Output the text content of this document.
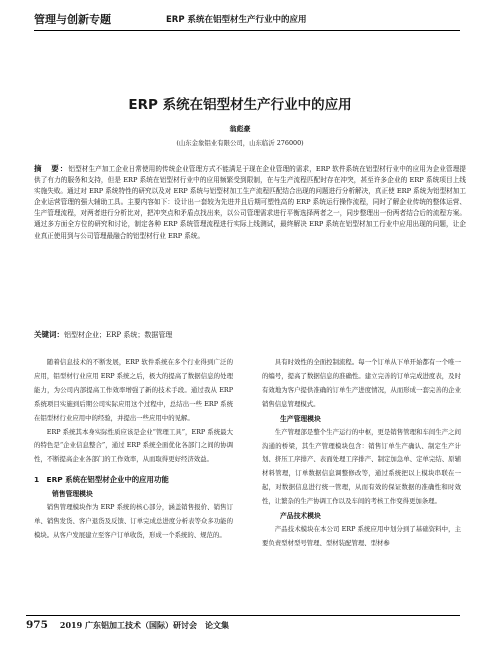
管理与创新专题	ERP 系统在铝型材生产行业中的应用
ERP 系统在铝型材生产行业中的应用
翁彪豪
(山东金象铝业有限公司，山东临沂 276000)
摘　要：铝型材生产加工企业日常使用的传统企业管理方式不能满足于现在企业管理的需求，ERP 软件系统在铝型材行业中的应用为企业管理提供了有力的服务和支持，但是 ERP 系统在铝型材行业中的应用频繁受到限制，在与生产流程匹配时存在冲突，甚至许多企业的 ERP 系统项目上线实施失败。通过对 ERP 系统特性的研究以及对 ERP 系统与铝型材加工生产流程匹配结合出现的问题进行分析解决，真正使 ERP 系统为铝型材加工企业运营管理的强大辅助工具。主要内容如下：设计出一套较为先进并且后期可塑性高的 ERP 系统运行操作流程，同时了解企业传统的整体运营、生产管理流程，对两者进行分析比对，把冲突点和矛盾点找出来，以公司管理需求进行平衡选择两者之一，同步整理出一份两者结合后的流程方案。通过多方面全方位的研究和讨论，制定各种 ERP 系统管理流程进行实际上线测试，最终解决 ERP 系统在铝型材加工行业中应用出现的问题，让企业真正使用到与公司管理最融合的铝型材行业 ERP 系统。
关键词：铝型材企业；ERP 系统；数据管理

随着信息技术的不断发展，ERP 软件系统在多个行业得到广泛的应用，铝型材行业应用 ERP 系统之后，极大的提高了数据信息的处理能力，为公司内部提高工作效率增强了新的技术手段。通过我从 ERP 系统项目实施到后期公司实际应用这个过程中，总结出一些 ERP 系统在铝型材行业应用中的经验，并提出一些应用中的见解。

ERP 系统其本身实际性质应该是企业“管理工具”，ERP 系统最大的特色是“企业信息整合”，通过 ERP 系统全面优化各部门之间的协调性，不断提高企业各部门的工作效率，从而取得更好经济效益。

1　ERP 系统在铝型材企业中的应用功能
销售管理模块

销售管理模块作为 ERP 系统的核心部分，涵盖销售报价、销售订单、销售发货、客户退货及反馈、订单完成总进度分析表等众多功能的模块。从客户发展建立至客户订单收货，形成一个系统的、规范的。

具有时效性的全面控制流程。每一个订单从下单开始都有一个唯一的编号，提高了数据信息的准确性。建立完善的订单完成进度表，及时有效地为客户提供准确的订单生产进度情况，从而形成一套完善的企业销售信息管理模式。

生产管理模块

生产管理部是整个生产运行的中枢，更是销售管理和车间生产之间沟通的桥梁，其生产管理模块包含：销售订单生产确认、制定生产计划、挤压工序排产、表面处理工序排产、制定加急单、定单完结、原辅材料管理，订单数据信息调整修改等，通过系统把以上模块串联在一起，对数据信息进行统一管理，从而有效的保证数据的准确性和时效性，让繁杂的生产协调工作以及车间的考核工作变得更加条理。

产品技术模块

产品技术模块在本公司 ERP 系统应用中划分到了基础资料中，主要负责型材型号管理、型材装配管理、型材参

975 2019 广东铝加工技术（国际）研讨会　论文集
